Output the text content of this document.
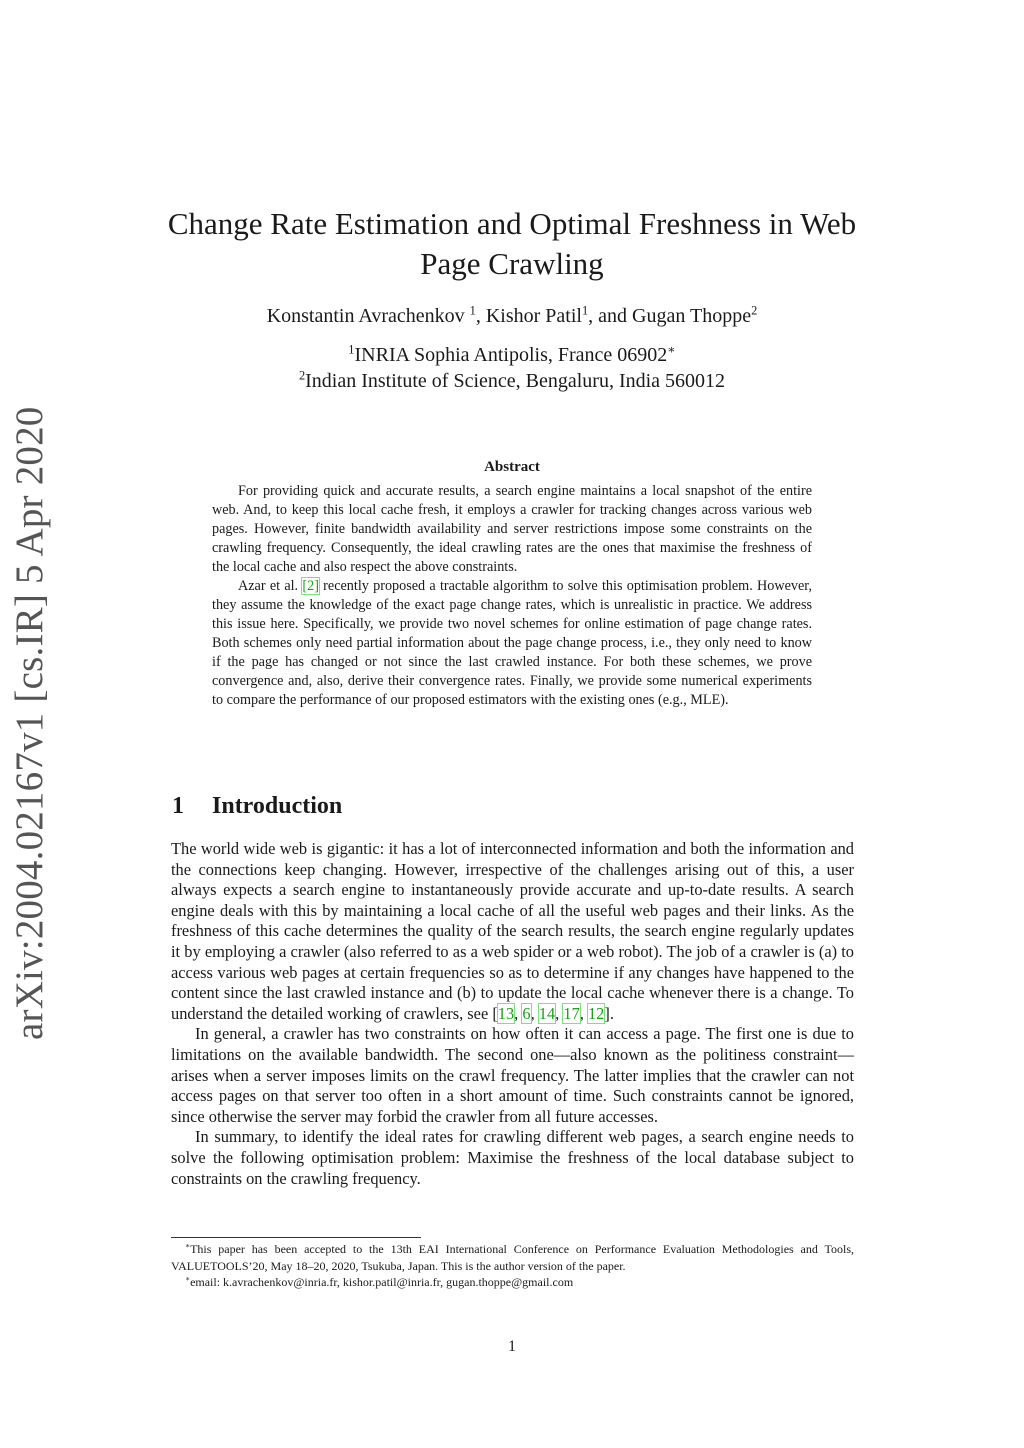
arXiv:2004.02167v1 [cs.IR] 5 Apr 2020
Change Rate Estimation and Optimal Freshness in Web Page Crawling
Konstantin Avrachenkov $^1$, Kishor Patil$^1$, and Gugan Thoppe$^2$
$^1$INRIA Sophia Antipolis, France 06902∗
$^2$Indian Institute of Science, Bengaluru, India 560012
Abstract

For providing quick and accurate results, a search engine maintains a local snapshot of the entire web. And, to keep this local cache fresh, it employs a crawler for tracking changes across various web pages. However, finite bandwidth availability and server restrictions impose some constraints on the crawling frequency. Consequently, the ideal crawling rates are the ones that maximise the freshness of the local cache and also respect the above constraints.

Azar et al. [2] recently proposed a tractable algorithm to solve this optimisation problem. However, they assume the knowledge of the exact page change rates, which is unrealistic in practice. We address this issue here. Specifically, we provide two novel schemes for online estimation of page change rates. Both schemes only need partial information about the page change process, i.e., they only need to know if the page has changed or not since the last crawled instance. For both these schemes, we prove convergence and, also, derive their convergence rates. Finally, we provide some numerical experiments to compare the performance of our proposed estimators with the existing ones (e.g., MLE).

1 Introduction

The world wide web is gigantic: it has a lot of interconnected information and both the information and the connections keep changing. However, irrespective of the challenges arising out of this, a user always expects a search engine to instantaneously provide accurate and up-to-date results. A search engine deals with this by maintaining a local cache of all the useful web pages and their links. As the freshness of this cache determines the quality of the search results, the search engine regularly updates it by employing a crawler (also referred to as a web spider or a web robot). The job of a crawler is (a) to access various web pages at certain frequencies so as to determine if any changes have happened to the content since the last crawled instance and (b) to update the local cache whenever there is a change. To understand the detailed working of crawlers, see [13, 6, 14, 17, 12].

In general, a crawler has two constraints on how often it can access a page. The first one is due to limitations on the available bandwidth. The second one—also known as the politiness constraint—arises when a server imposes limits on the crawl frequency. The latter implies that the crawler can not access pages on that server too often in a short amount of time. Such constraints cannot be ignored, since otherwise the server may forbid the crawler from all future accesses.

In summary, to identify the ideal rates for crawling different web pages, a search engine needs to solve the following optimisation problem: Maximise the freshness of the local database subject to constraints on the crawling frequency.

∗This paper has been accepted to the 13th EAI International Conference on Performance Evaluation Methodologies and Tools, VALUETOOLS’20, May 18–20, 2020, Tsukuba, Japan. This is the author version of the paper.

∗email: k.avrachenkov@inria.fr, kishor.patil@inria.fr, gugan.thoppe@gmail.com

1
